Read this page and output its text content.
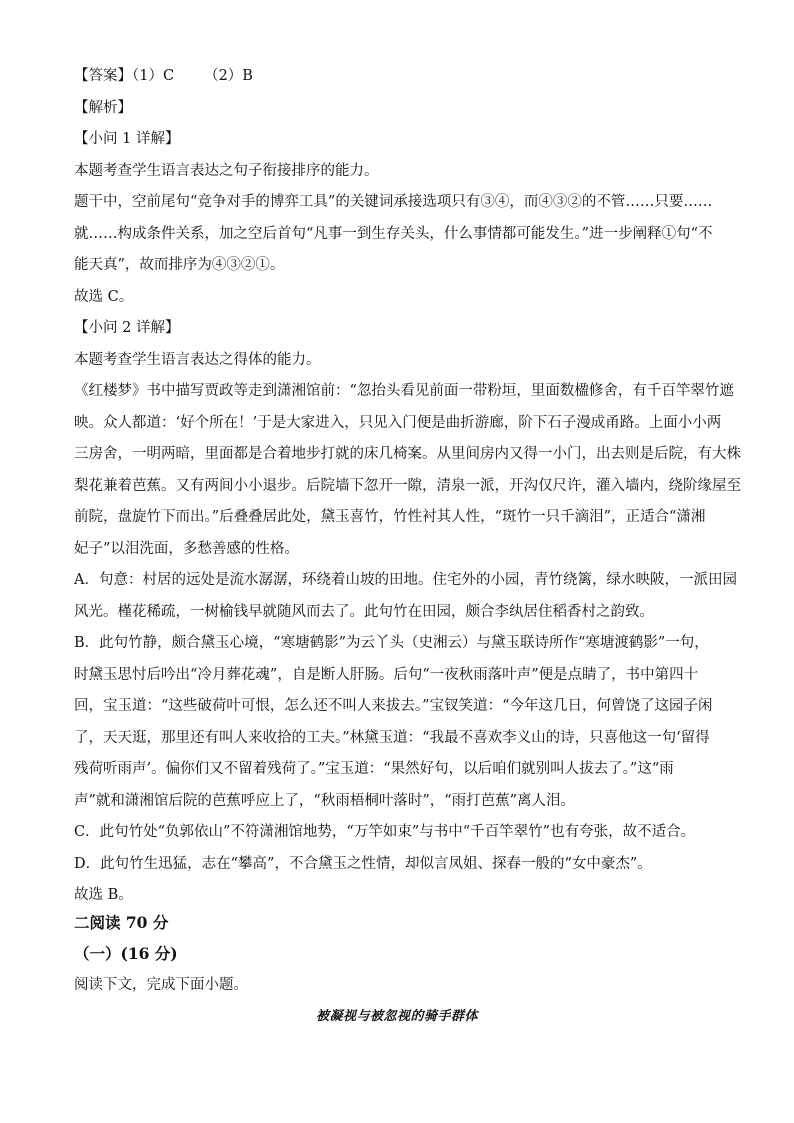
【答案】（1）C （2）B
【解析】
【小问 1 详解】
本题考查学生语言表达之句子衔接排序的能力。
题干中，空前尾句“竞争对手的博弈工具”的关键词承接选项只有③④，而④③②的不管……只要……
就……构成条件关系，加之空后首句“凡事一到生存关头，什么事情都可能发生。”进一步阐释①句“不
能天真”，故而排序为④③②①。
故选 C。
【小问 2 详解】
本题考查学生语言表达之得体的能力。
《红楼梦》书中描写贾政等走到潇湘馆前：“忽抬头看见前面一带粉垣，里面数楹修舍，有千百竿翠竹遮
映。众人都道：‘好个所在！’于是大家进入，只见入门便是曲折游廊，阶下石子漫成甬路。上面小小两
三房舍，一明两暗，里面都是合着地步打就的床几椅案。从里间房内又得一小门，出去则是后院，有大株
梨花兼着芭蕉。又有两间小小退步。后院墙下忽开一隙，清泉一派，开沟仅尺许，灌入墙内，绕阶缘屋至
前院，盘旋竹下而出。”后叠叠居此处，黛玉喜竹，竹性衬其人性，“斑竹一只千滴泪”，正适合“潇湘
妃子”以泪洗面，多愁善感的性格。
A．句意：村居的远处是流水潺潺，环绕着山坡的田地。住宅外的小园，青竹绕篱，绿水映陂，一派田园
风光。槿花稀疏，一树榆钱早就随风而去了。此句竹在田园，颇合李纨居住稻香村之韵致。
B．此句竹静，颇合黛玉心境，“寒塘鹤影”为云丫头（史湘云）与黛玉联诗所作“寒塘渡鹤影”一句，
时黛玉思忖后吟出“冷月葬花魂”，自是断人肝肠。后句“一夜秋雨落叶声”便是点睛了，书中第四十
回，宝玉道：“这些破荷叶可恨，怎么还不叫人来拔去。”宝钗笑道：“今年这几日，何曾饶了这园子闲
了，天天逛，那里还有叫人来收拾的工夫。”林黛玉道：“我最不喜欢李义山的诗，只喜他这一句‘留得
残荷听雨声’。偏你们又不留着残荷了。”宝玉道：“果然好句，以后咱们就别叫人拔去了。”这“雨
声”就和潇湘馆后院的芭蕉呼应上了，“秋雨梧桐叶落时”，“雨打芭蕉”离人泪。
C．此句竹处“负郭依山”不符潇湘馆地势，“万竿如束”与书中“千百竿翠竹”也有夸张，故不适合。
D．此句竹生迅猛，志在“攀高”，不合黛玉之性情，却似言凤姐、探春一般的“女中豪杰”。
故选 B。
二阅读 70 分
（一）(16 分)
阅读下文，完成下面小题。
被凝视与被忽视的骑手群体
